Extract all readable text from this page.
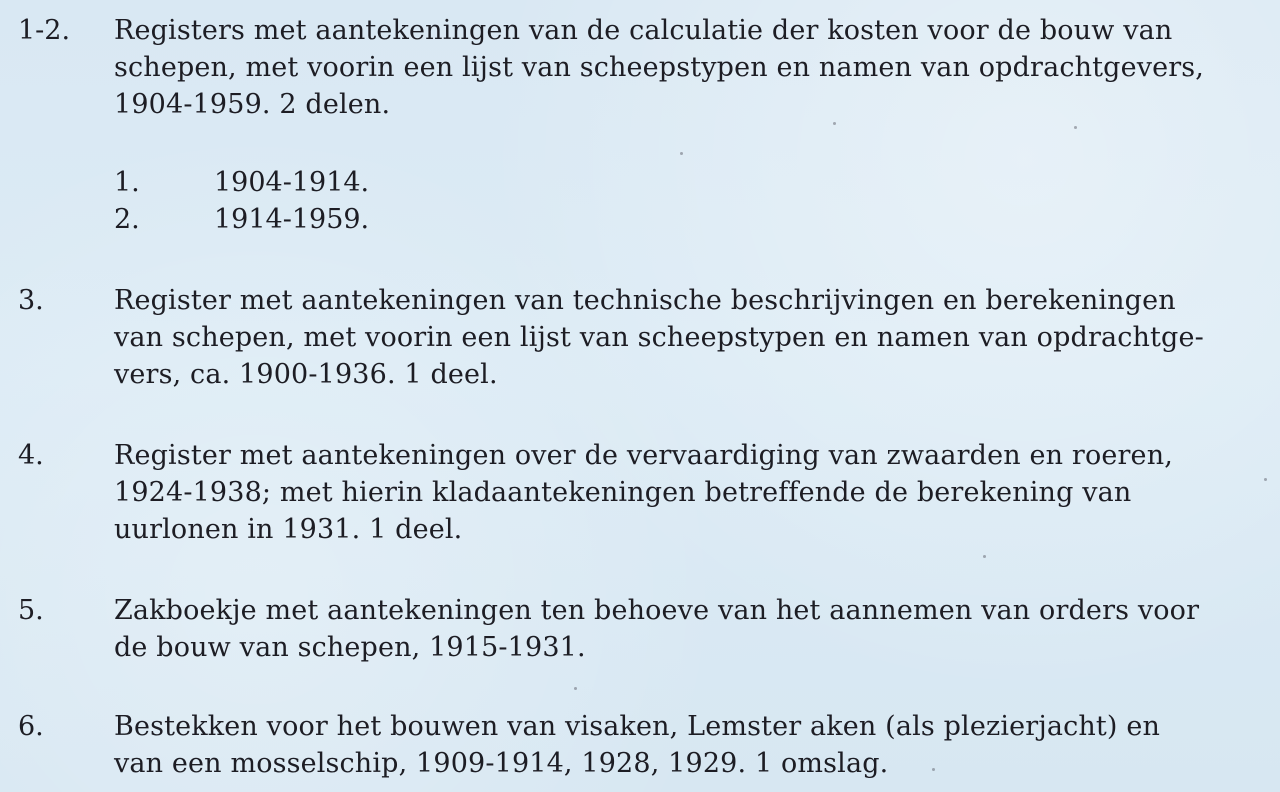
1-2.	Registers met aantekeningen van de calculatie der kosten voor de bouw van
schepen, met voorin een lijst van scheepstypen en namen van opdrachtgevers,
1904-1959. 2 delen.
1.	1904-1914.
2.	1914-1959.
3.	Register met aantekeningen van technische beschrijvingen en berekeningen
van schepen, met voorin een lijst van scheepstypen en namen van opdrachtge-
vers, ca. 1900-1936. 1 deel.
4.	Register met aantekeningen over de vervaardiging van zwaarden en roeren,
1924-1938; met hierin kladaantekeningen betreffende de berekening van
uurlonen in 1931. 1 deel.
5.	Zakboekje met aantekeningen ten behoeve van het aannemen van orders voor
de bouw van schepen, 1915-1931.
6.	Bestekken voor het bouwen van visaken, Lemster aken (als plezierjacht) en
van een mosselschip, 1909-1914, 1928, 1929. 1 omslag.
